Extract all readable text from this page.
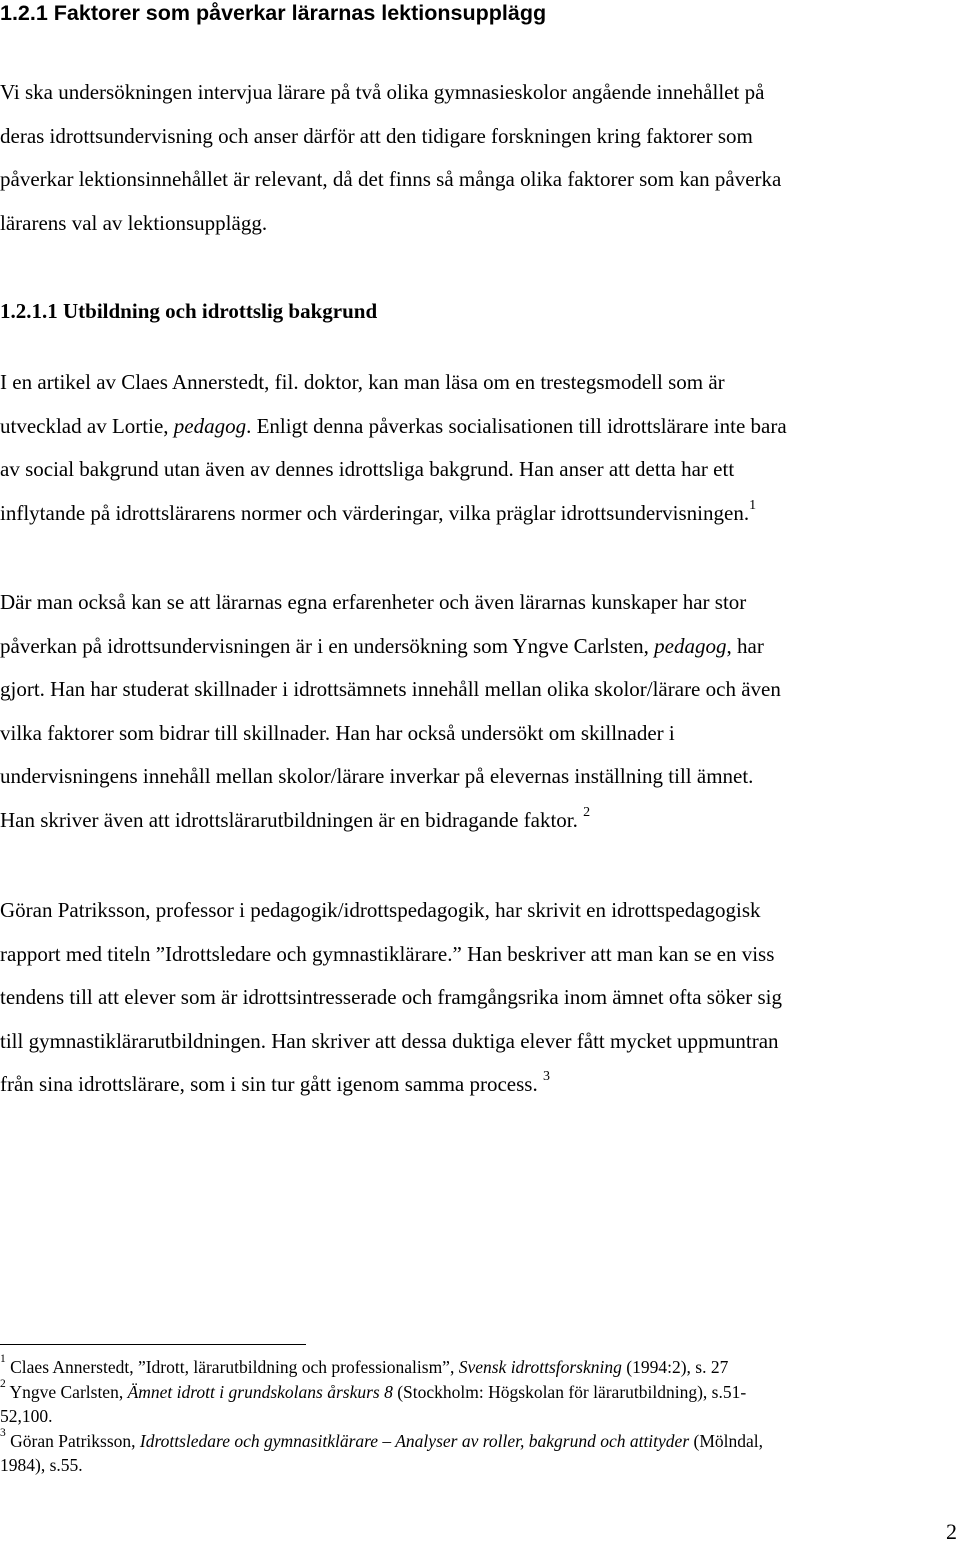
1.2.1 Faktorer som påverkar lärarnas lektionsupplägg

Vi ska undersökningen intervjua lärare på två olika gymnasieskolor angående innehållet på
deras idrottsundervisning och anser därför att den tidigare forskningen kring faktorer som
påverkar lektionsinnehållet är relevant, då det finns så många olika faktorer som kan påverka
lärarens val av lektionsupplägg.

1.2.1.1 Utbildning och idrottslig bakgrund

I en artikel av Claes Annerstedt, fil. doktor, kan man läsa om en trestegsmodell som är
utvecklad av Lortie, pedagog. Enligt denna påverkas socialisationen till idrottslärare inte bara
av social bakgrund utan även av dennes idrottsliga bakgrund. Han anser att detta har ett
inflytande på idrottslärarens normer och värderingar, vilka präglar idrottsundervisningen.$^1$

Där man också kan se att lärarnas egna erfarenheter och även lärarnas kunskaper har stor
påverkan på idrottsundervisningen är i en undersökning som Yngve Carlsten, pedagog, har
gjort. Han har studerat skillnader i idrottsämnets innehåll mellan olika skolor/lärare och även
vilka faktorer som bidrar till skillnader. Han har också undersökt om skillnader i
undervisningens innehåll mellan skolor/lärare inverkar på elevernas inställning till ämnet.
Han skriver även att idrottslärarutbildningen är en bidragande faktor. $^2$

Göran Patriksson, professor i pedagogik/idrottspedagogik, har skrivit en idrottspedagogisk
rapport med titeln ”Idrottsledare och gymnastiklärare.” Han beskriver att man kan se en viss
tendens till att elever som är idrottsintresserade och framgångsrika inom ämnet ofta söker sig
till gymnastiklärarutbildningen. Han skriver att dessa duktiga elever fått mycket uppmuntran
från sina idrottslärare, som i sin tur gått igenom samma process. $^3$

$^1$ Claes Annerstedt, ”Idrott, lärarutbildning och professionalism”, Svensk idrottsforskning (1994:2), s. 27
$^2$ Yngve Carlsten, Ämnet idrott i grundskolans årskurs 8 (Stockholm: Högskolan för lärarutbildning), s.51-
52,100.
$^3$ Göran Patriksson, Idrottsledare och gymnasitklärare – Analyser av roller, bakgrund och attityder (Mölndal,
1984), s.55.
2
